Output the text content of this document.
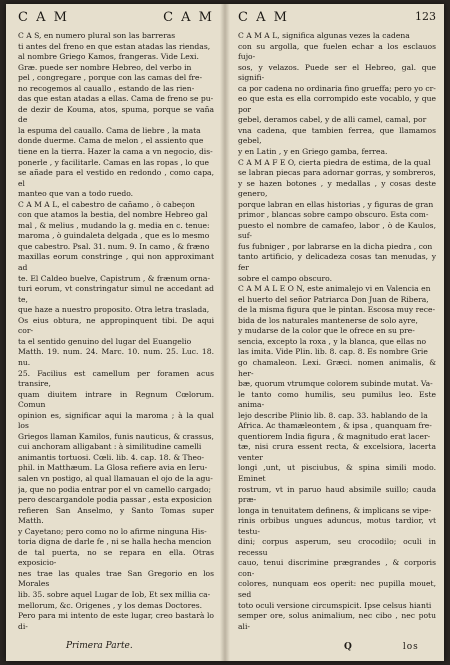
C A M	C A M C A M	123

C A S, en numero plural son las barreras

ti antes del freno en que estan atadas las riendas,

al nombre Griego Kamos, frangeras. Vide Lexi.

Græ. puede ser nombre Hebreo, del verbo in

pel , congregare , porque con las camas del fre-

no recogemos al cauallo , estando de las rien-

das que estan atadas a ellas. Cama de freno se pu-

de dezir de Kouma, atos, spuma, porque se vaña de

la espuma del cauallo. Cama de liebre , la mata

donde duerme. Cama de melon , el assiento que

tiene en la tierra. Hazer la cama a vn negocio, dis-

ponerle , y facilitarle. Camas en las ropas , lo que

se añade para el vestido en redondo , como capa, el

manteo que van a todo ruedo.

C A M A L, el cabestro de cañamo , ò cabeçon

con que atamos la bestia, del nombre Hebreo gal

mal , & melius , mudando la g. media en c. tenue:

maroma , ò guindaleta delgada , que es lo mesmo

que cabestro. Psal. 31. num. 9. In camo , & fræno

maxillas eorum constringe , qui non approximant ad

te. El Caldeo buelve, Capistrum , & frænum orna-

turi eorum, vt constringatur simul ne accedant ad te,

que haze a nuestro proposito. Otra letra traslada,

Os eius obtura, ne appropinquent tibi. De aqui cor-

ta el sentido genuino del lugar del Euangelio

Matth. 19. num. 24. Marc. 10. num. 25. Luc. 18. nu.

25. Facilius est camellum per foramen acus transire,

quam diuitem intrare in Regnum Cœlorum. Comun

opinion es, significar aqui la maroma ; à la qual los

Griegos llaman Kamilos, funis nauticus, & crassus,

cui anchoram alligabant : à similitudine camelli

animantis tortuosi. Cœli. lib. 4. cap. 18. & Theo-

phil. in Matthæum. La Glosa refiere avia en Ieru-

salen vn postigo, al qual llamauan el ojo de la agu-

ja, que no podia entrar por el vn camello cargado;

pero descargandole podia passar , esta exposicion

refieren San Anselmo, y Santo Tomas super Matth.

y Cayetano; pero como no lo afirme ninguna His-

toria digna de darle fe , ni se halla hecha mencion

de tal puerta, no se repara en ella. Otras exposicio-

nes trae las quales trae San Gregorio en los Morales

lib. 35. sobre aquel Lugar de Iob, Et sex millia ca-

mellorum, &c. Origenes , y los demas Doctores.

Pero para mi intento de este lugar, creo bastarà lo di-

C A M A L, significa algunas vezes la cadena

con su argolla, que fuelen echar a los esclauos fujo-

sos, y velazos. Puede ser el Hebreo, gal. que signifi-

ca por cadena no ordinaria fino grueffa; pero yo cr-

eo que esta es ella corrompido este vocablo, y que por

gebel, deramos cabel, y de alli camel, camal, por

vna cadena, que tambien ferrea, que llamamos gebel,

y en Latin , y en Griego gamba, ferrea.

C A M A F E O, cierta piedra de estima, de la qual

se labran piecas para adornar gorras, y sombreros,

y se hazen botones , y medallas , y cosas deste genero,

porque labran en ellas historias , y figuras de gran

primor , blancas sobre campo obscuro. Esta com-

puesto el nombre de camafeo, labor , ò de Kaulos, suf-

fus fubniger , por labrarse en la dicha piedra , con

tanto artificio, y delicadeza cosas tan menudas, y fer

sobre el campo obscuro.

C A M A L E O N, este animalejo vi en Valencia en

el huerto del señor Patriarca Don Juan de Ribera,

de la misma figura que le pintan. Escosa muy rece-

bida de los naturales mantenerse de solo ayre,

y mudarse de la color que le ofrece en su pre-

sencia, excepto la roxa , y la blanca, que ellas no

las imita. Vide Plin. lib. 8. cap. 8. Es nombre Grie

go chamaleon. Lexi. Græci. nomen animalis, & her-

bæ, quorum vtrumque colorem subinde mutat. Va-

le tanto como humilis, seu pumilus leo. Este anima-

lejo describe Plinio lib. 8. cap. 33. hablando de la

Africa. Ac thamæleontem , & ipsa , quanquam fre-

quentiorem India figura , & magnitudo erat lacer-

tæ, nisi crura essent recta, & excelsiora, lacerta venter

longi ,unt, ut pisciubus, & spina simili modo. Eminet

rostrum, vt in paruo haud absimile suillo; cauda præ-

longa in tenuitatem definens, & implicans se vipe-

rinis orbibus ungues aduncus, motus tardior, vt testu-

dini; corpus asperum, seu crocodilo; oculi in recessu

cauo, tenui discrimine prægrandes , & corporis con-

colores, nunquam eos operit: nec pupilla mouet, sed

toto oculi versione circumspicit. Ipse celsus hianti

semper ore, solus animalium, nec cibo , nec potu ali-

Primera Parte.	Q	los
